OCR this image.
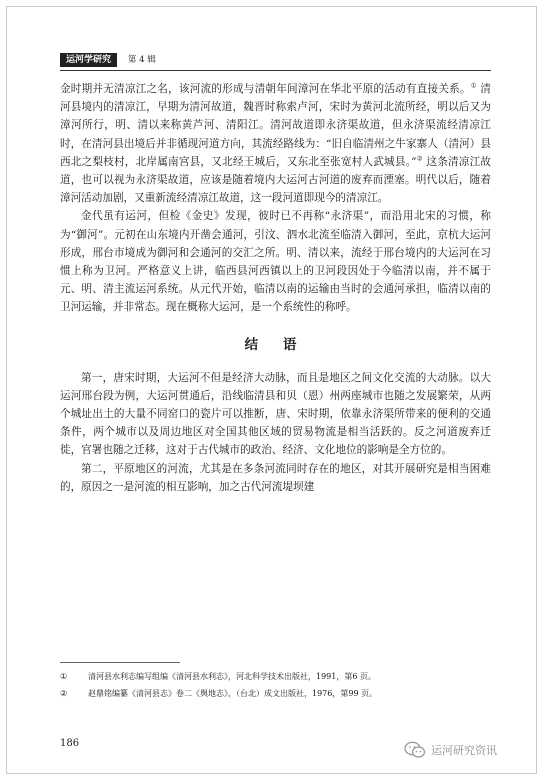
运河学研究 第 4 辑

金时期并无清凉江之名，该河流的形成与清朝年间漳河在华北平原的活动有直接关系。① 清河县境内的清凉江，早期为清河故道，魏晋时称索卢河，宋时为黄河北流所经，明以后又为漳河所行，明、清以来称黄芦河、清阳江。清河故道即永济渠故道，但永济渠流经清凉江时，在清河县出境后并非循现河道方向，其流经路线为：“旧自临清州之牛家寨人（清河）县西北之梨枝村，北岸属南宫县，又北经王城后，又东北至张宽村人武城县。”② 这条清凉江故道，也可以视为永济渠故道，应该是随着境内大运河古河道的废弃而湮塞。明代以后，随着漳河活动加剧，又重新流经清凉江故道，这一段河道即现今的清凉江。

金代虽有运河，但检《金史》发现，彼时已不再称“永济渠”，而沿用北宋的习惯，称为“御河”。元初在山东境内开凿会通河，引汶、泗水北流至临清入御河，至此，京杭大运河形成，邢台市境成为御河和会通河的交汇之所。明、清以来，流经于邢台境内的大运河在习惯上称为卫河。严格意义上讲，临西县河西镇以上的卫河段因处于今临清以南，并不属于元、明、清主流运河系统。从元代开始，临清以南的运输由当时的会通河承担，临清以南的卫河运输，并非常态。现在概称大运河，是一个系统性的称呼。

结 语

第一，唐宋时期，大运河不但是经济大动脉，而且是地区之间文化交流的大动脉。以大运河邢台段为例，大运河贯通后，沿线临清县和贝（恩）州两座城市也随之发展繁荣，从两个城址出土的大量不同窑口的瓷片可以推断，唐、宋时期，依靠永济渠所带来的便利的交通条件，两个城市以及周边地区对全国其他区域的贸易物流是相当活跃的。反之河道废弃迁徙，官署也随之迁移，这对于古代城市的政治、经济、文化地位的影响是全方位的。

第二，平原地区的河流，尤其是在多条河流同时存在的地区，对其开展研究是相当困难的，原因之一是河流的相互影响，加之古代河流堤坝建

①	清河县水利志编写组编《清河县水利志》，河北科学技术出版社，1991，第6 页。
②	赵鼎铭编纂《清河县志》卷二《舆地志》，（台北）成文出版社，1976，第99 页。
186
运河研究资讯
